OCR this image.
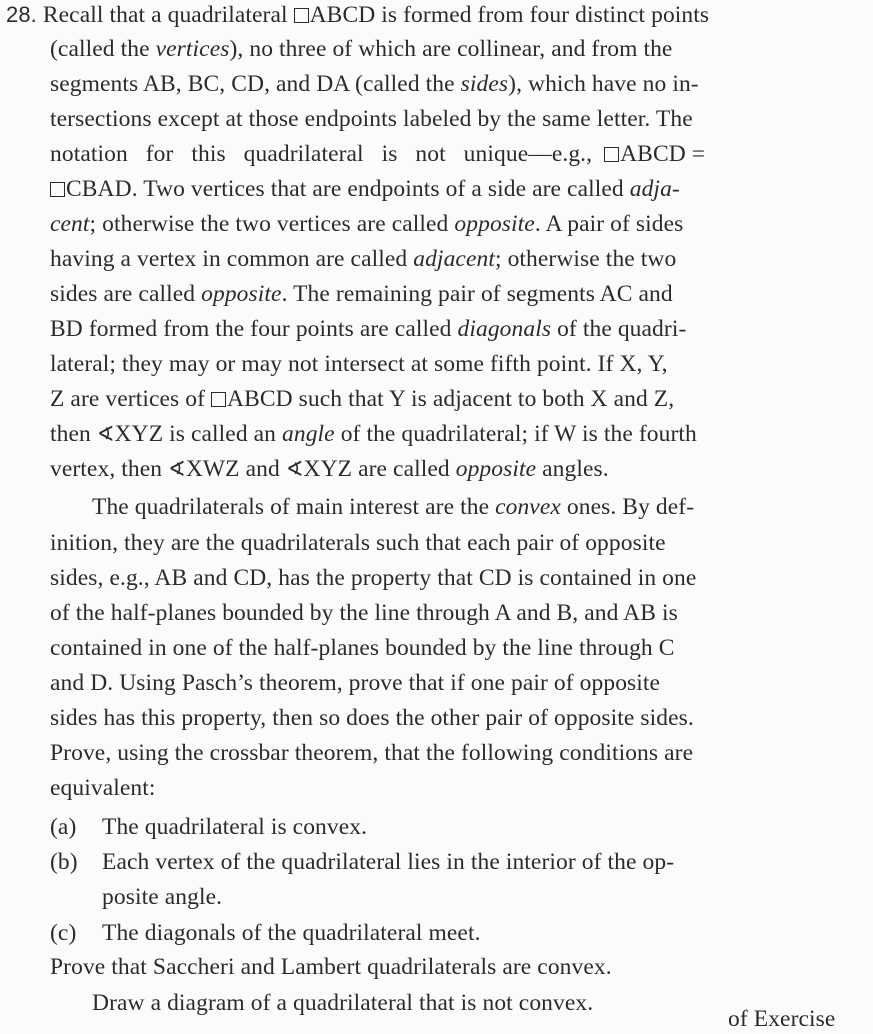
28. Recall that a quadrilateral ABCD is formed from four distinct points
(called the vertices), no three of which are collinear, and from the
segments AB, BC, CD, and DA (called the sides), which have no in-
tersections except at those endpoints labeled by the same letter. The
notation   for   this   quadrilateral   is   not   unique—e.g.,  ABCD =
CBAD. Two vertices that are endpoints of a side are called adja-
cent; otherwise the two vertices are called opposite. A pair of sides
having a vertex in common are called adjacent; otherwise the two
sides are called opposite. The remaining pair of segments AC and
BD formed from the four points are called diagonals of the quadri-
lateral; they may or may not intersect at some fifth point. If X, Y,
Z are vertices of ABCD such that Y is adjacent to both X and Z,
then ∢XYZ is called an angle of the quadrilateral; if W is the fourth
vertex, then ∢XWZ and ∢XYZ are called opposite angles.
The quadrilaterals of main interest are the convex ones. By def-
inition, they are the quadrilaterals such that each pair of opposite
sides, e.g., AB and CD, has the property that CD is contained in one
of the half-planes bounded by the line through A and B, and AB is
contained in one of the half-planes bounded by the line through C
and D. Using Pasch’s theorem, prove that if one pair of opposite
sides has this property, then so does the other pair of opposite sides.
Prove, using the crossbar theorem, that the following conditions are
equivalent:
(a) The quadrilateral is convex.
(b) Each vertex of the quadrilateral lies in the interior of the op-
posite angle.
(c) The diagonals of the quadrilateral meet.
Prove that Saccheri and Lambert quadrilaterals are convex.
Draw a diagram of a quadrilateral that is not convex.
of Exercise
